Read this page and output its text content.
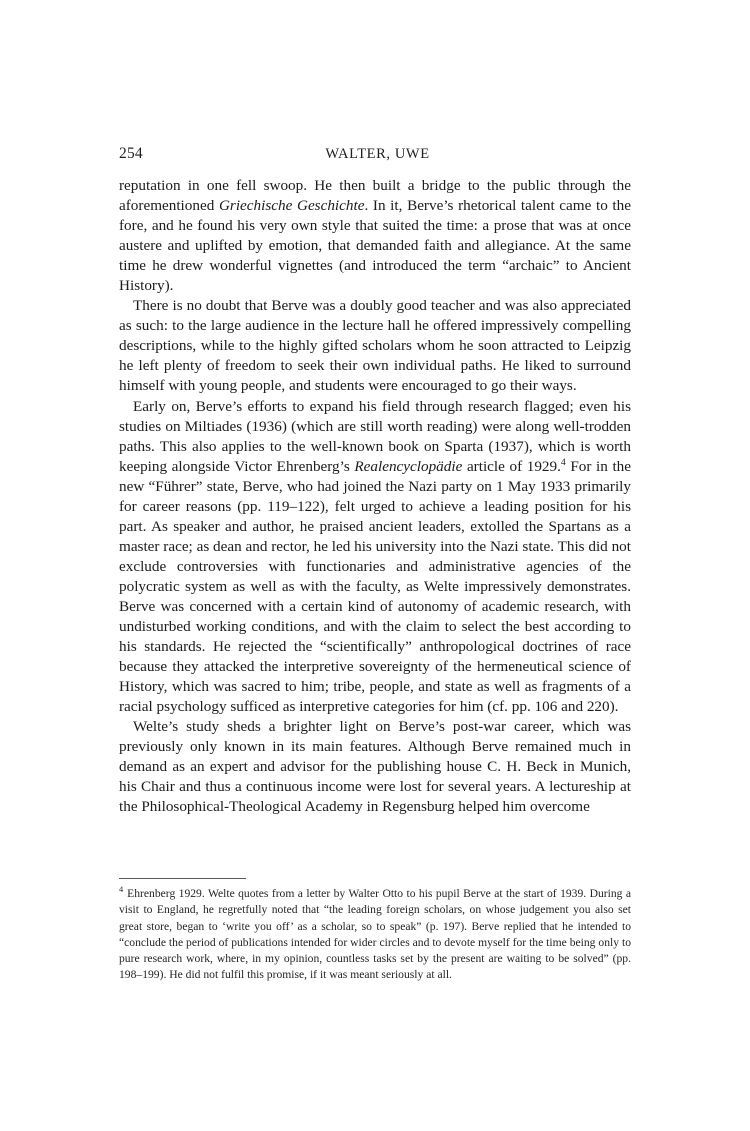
254	WALTER, UWE

reputation in one fell swoop. He then built a bridge to the public through the aforementioned Griechische Geschichte. In it, Berve’s rhetorical talent came to the fore, and he found his very own style that suited the time: a prose that was at once austere and uplifted by emotion, that demanded faith and allegiance. At the same time he drew wonderful vignettes (and introduced the term “archaic” to Ancient History).

There is no doubt that Berve was a doubly good teacher and was also appreciated as such: to the large audience in the lecture hall he offered impressively compelling descriptions, while to the highly gifted scholars whom he soon attracted to Leipzig he left plenty of freedom to seek their own individual paths. He liked to surround himself with young people, and students were encouraged to go their ways.

Early on, Berve’s efforts to expand his field through research flagged; even his studies on Miltiades (1936) (which are still worth reading) were along well-trodden paths. This also applies to the well-known book on Sparta (1937), which is worth keeping alongside Victor Ehrenberg’s Realencyclopädie article of 1929.$^4$ For in the new “Führer” state, Berve, who had joined the Nazi party on 1 May 1933 primarily for career reasons (pp. 119–122), felt urged to achieve a leading position for his part. As speaker and author, he praised ancient leaders, extolled the Spartans as a master race; as dean and rector, he led his university into the Nazi state. This did not exclude controversies with functionaries and administrative agencies of the polycratic system as well as with the faculty, as Welte impressively demonstrates. Berve was concerned with a certain kind of autonomy of academic research, with undisturbed working conditions, and with the claim to select the best according to his standards. He rejected the “scientifically” anthropological doctrines of race because they attacked the interpretive sovereignty of the hermeneutical science of History, which was sacred to him; tribe, people, and state as well as fragments of a racial psychology sufficed as interpretive categories for him (cf. pp. 106 and 220).

Welte’s study sheds a brighter light on Berve’s post-war career, which was previously only known in its main features. Although Berve remained much in demand as an expert and advisor for the publishing house C. H. Beck in Munich, his Chair and thus a continuous income were lost for several years. A lectureship at the Philosophical-Theological Academy in Regensburg helped him overcome

$^4$ Ehrenberg 1929. Welte quotes from a letter by Walter Otto to his pupil Berve at the start of 1939. During a visit to England, he regretfully noted that “the leading foreign scholars, on whose judgement you also set great store, began to ‘write you off’ as a scholar, so to speak” (p. 197). Berve replied that he intended to “conclude the period of publications intended for wider circles and to devote myself for the time being only to pure research work, where, in my opinion, countless tasks set by the present are waiting to be solved” (pp. 198–199). He did not fulfil this promise, if it was meant seriously at all.
